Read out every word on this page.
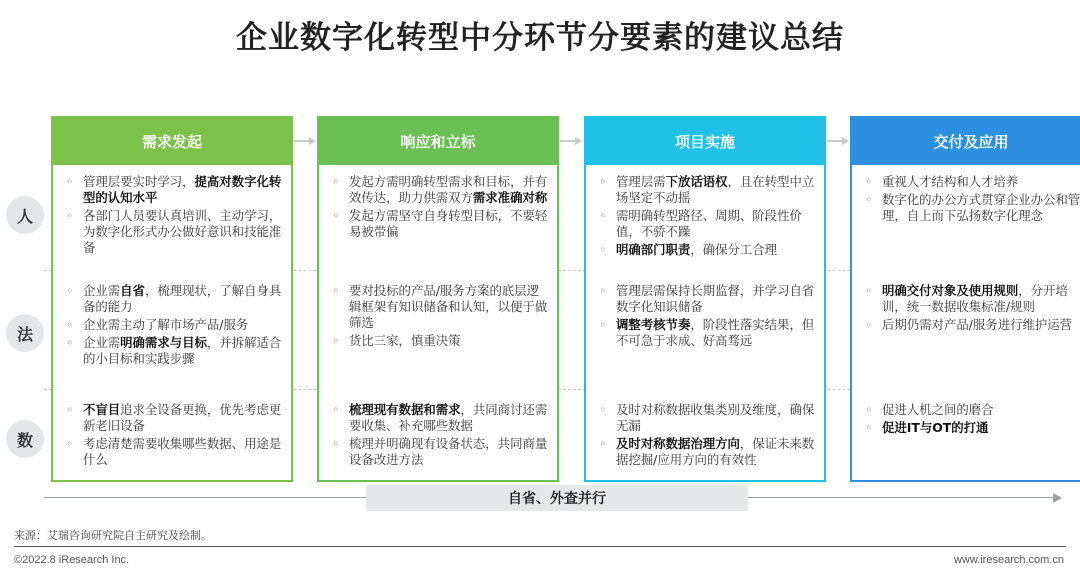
企业数字化转型中分环节分要素的建议总结
人
法
数
需求发起
◦ 管理层要实时学习，提高对数字化转型的认知水平
◦ 各部门人员要认真培训、主动学习，为数字化形式办公做好意识和技能准备
◦ 企业需自省，梳理现状，了解自身具备的能力
◦ 企业需主动了解市场产品/服务
◦ 企业需明确需求与目标，并拆解适合的小目标和实践步骤
◦ 不盲目追求全设备更换，优先考虑更新老旧设备
◦ 考虑清楚需要收集哪些数据、用途是什么
响应和立标
◦ 发起方需明确转型需求和目标，并有效传达，助力供需双方需求准确对称
◦ 发起方需坚守自身转型目标，不要轻易被带偏
◦ 要对投标的产品/服务方案的底层逻辑框架有知识储备和认知，以便于做筛选
◦ 货比三家，慎重决策
◦ 梳理现有数据和需求，共同商讨还需要收集、补充哪些数据
◦ 梳理并明确现有设备状态，共同商量设备改进方法
项目实施
◦ 管理层需下放话语权，且在转型中立场坚定不动摇
◦ 需明确转型路径、周期、阶段性价值，不骄不躁
◦ 明确部门职责，确保分工合理
◦ 管理层需保持长期监督，并学习自省数字化知识储备
◦ 调整考核节奏，阶段性落实结果，但不可急于求成、好高骛远
◦ 及时对称数据收集类别及维度，确保无漏
◦ 及时对称数据治理方向，保证未来数据挖掘/应用方向的有效性
交付及应用
◦ 重视人才结构和人才培养
◦ 数字化的办公方式贯穿企业办公和管理，自上而下弘扬数字化理念
◦ 明确交付对象及使用规则，分开培训，统一数据收集标准/规则
◦ 后期仍需对产品/服务进行维护运营
◦ 促进人机之间的磨合
◦ 促进IT与OT的打通
自省、外查并行
来源：艾瑞咨询研究院自主研究及绘制。
©2022.8 iResearch Inc.	www.iresearch.com.cn
